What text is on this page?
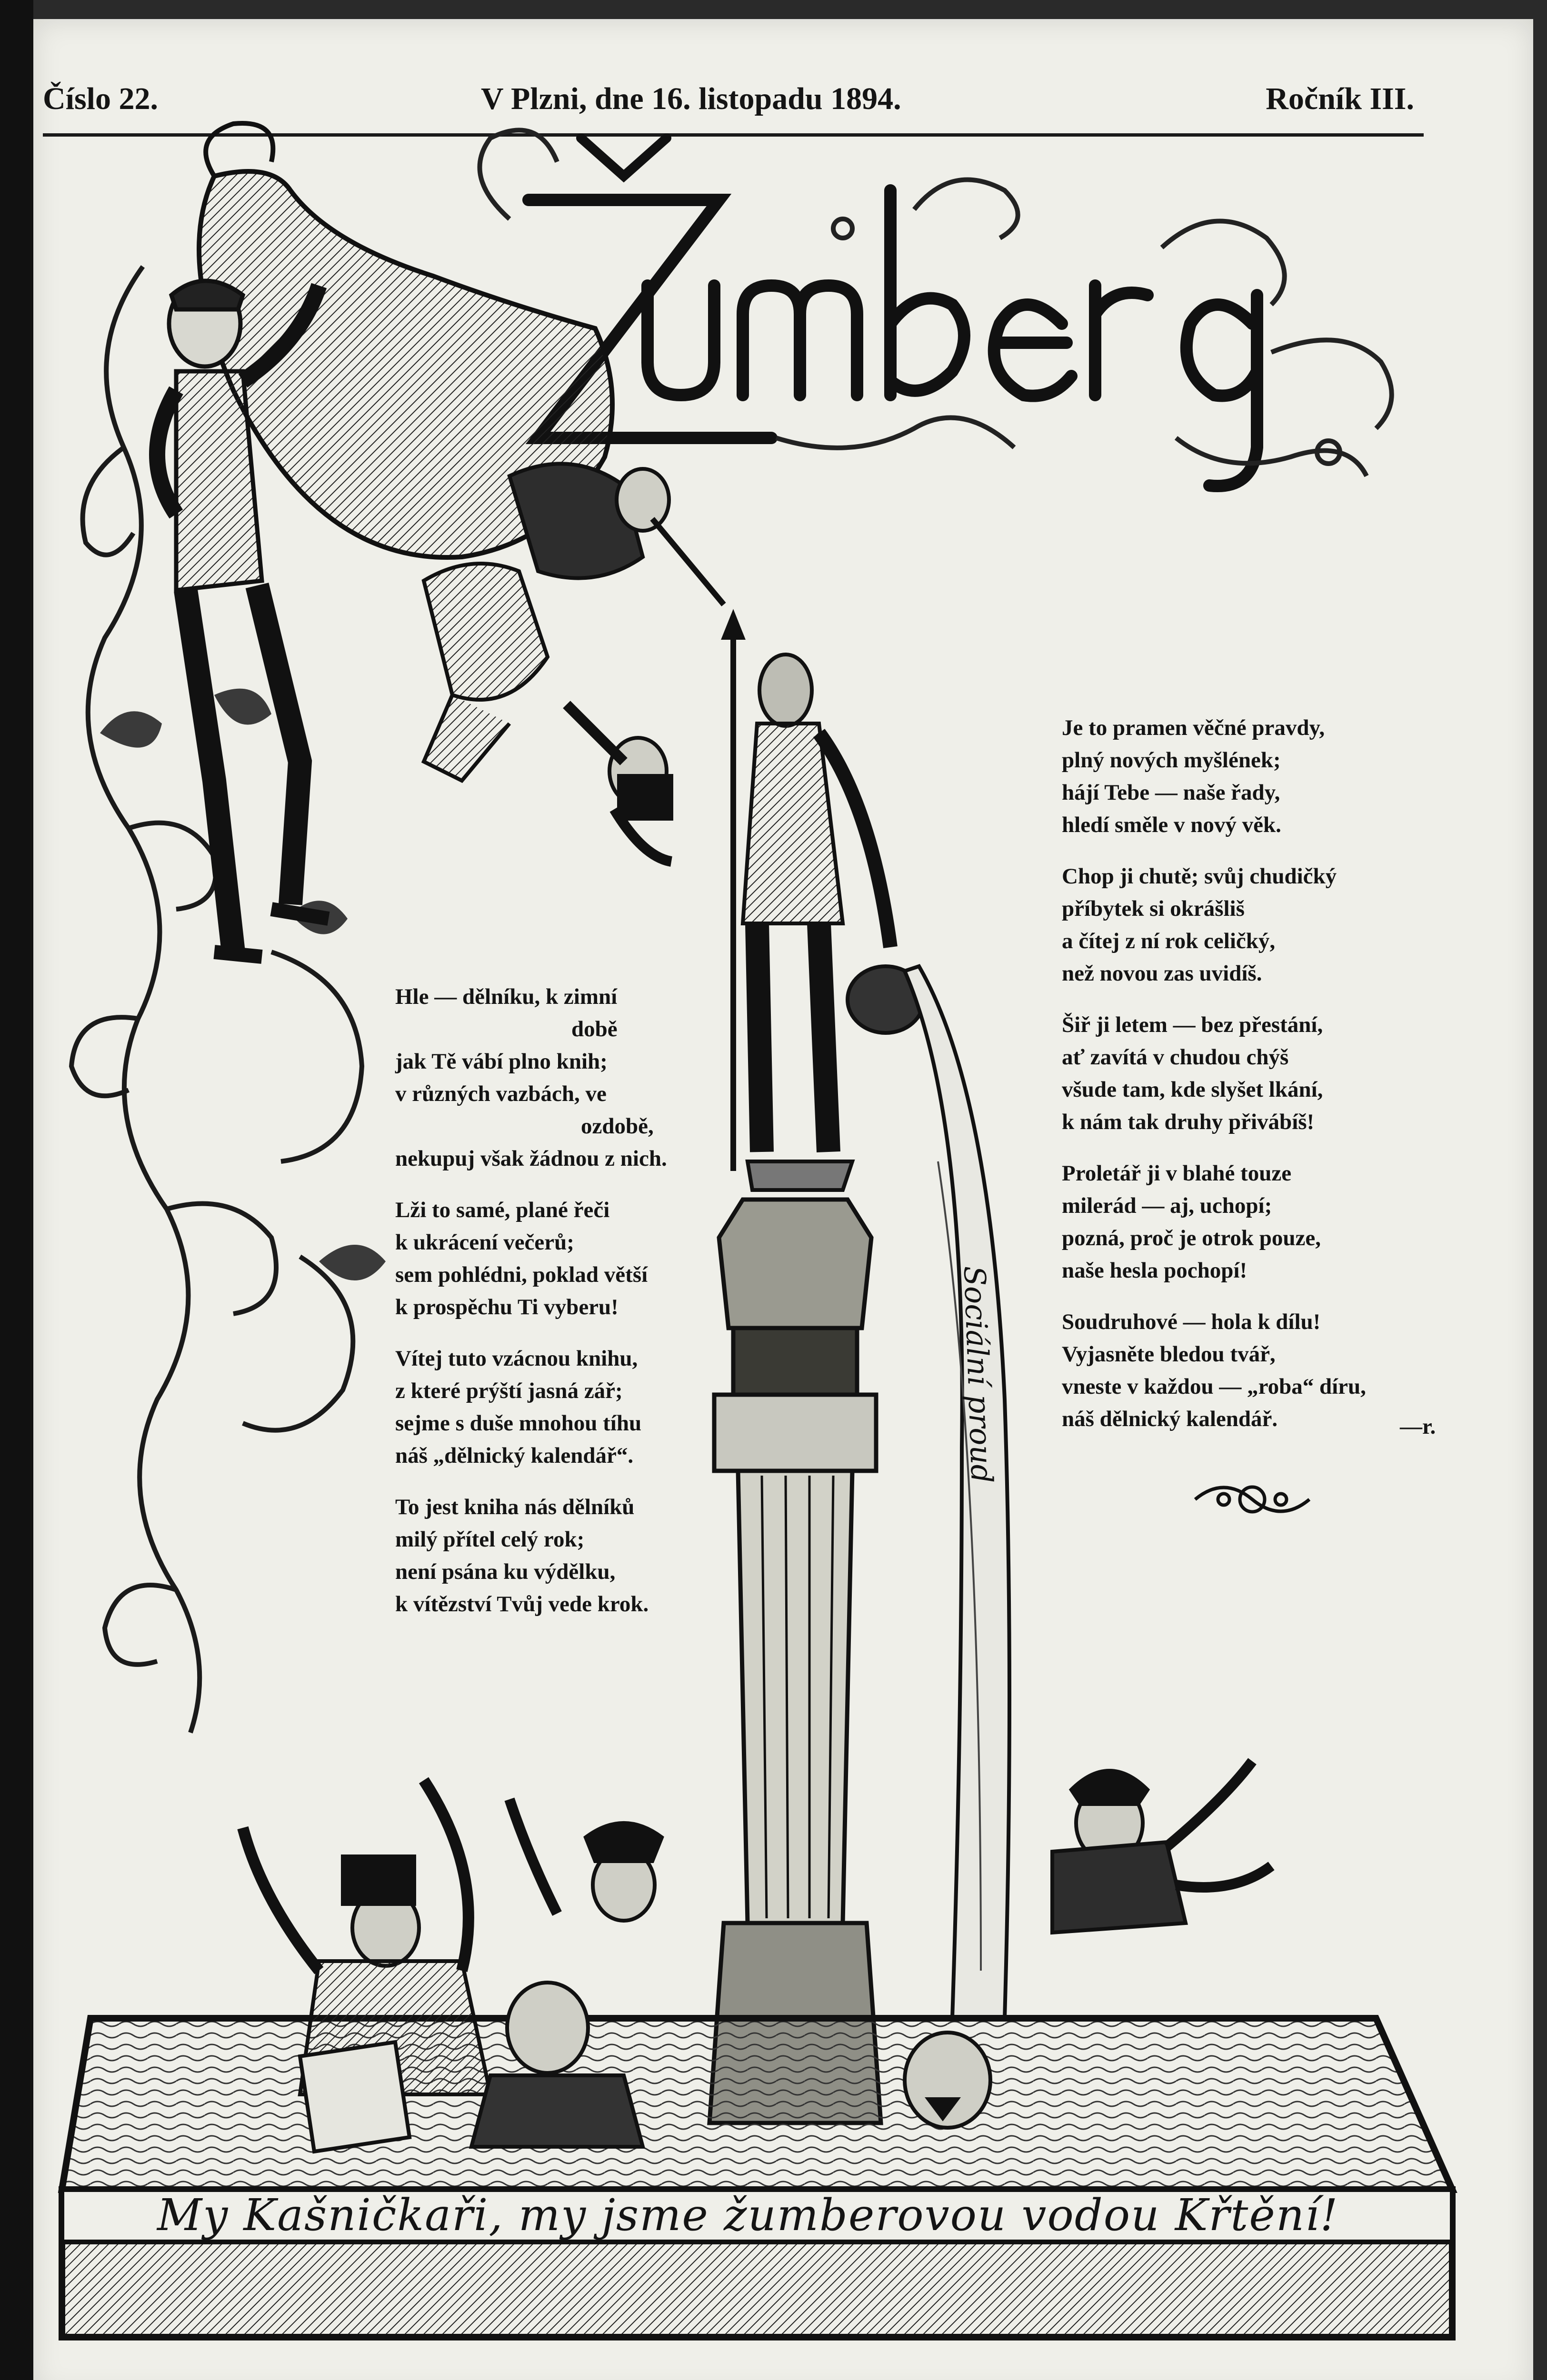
Číslo 22.	V Plzni, dne 16. listopadu 1894.	Ročník III.
Sociální proud

Hle — dělníku, k zimní
době
jak Tě vábí plno knih;
v různých vazbách, ve
ozdobě,
nekupuj však žádnou z nich.

Lži to samé, plané řeči
k ukrácení večerů;
sem pohlédni, poklad větší
k prospěchu Ti vyberu!

Vítej tuto vzácnou knihu,
z které prýští jasná zář;
sejme s duše mnohou tíhu
náš „dělnický kalendář“.

To jest kniha nás dělníků
milý přítel celý rok;
není psána ku výdělku,
k vítězství Tvůj vede krok.

Je to pramen věčné pravdy,
plný nových myšlének;
hájí Tebe — naše řady,
hledí směle v nový věk.

Chop ji chutě; svůj chudičký
příbytek si okrášliš
a čítej z ní rok celičký,
než novou zas uvidíš.

Šiř ji letem — bez přestání,
ať zavítá v chudou chýš
všude tam, kde slyšet lkání,
k nám tak druhy přivábíš!

Proletář ji v blahé touze
milerád — aj, uchopí;
pozná, proč je otrok pouze,
naše hesla pochopí!

Soudruhové — hola k dílu!
Vyjasněte bledou tvář,
vneste v každou — „roba“ díru,
náš dělnický kalendář.	—r.
My Kašničkaři, my jsme žumberovou vodou Křtění!
